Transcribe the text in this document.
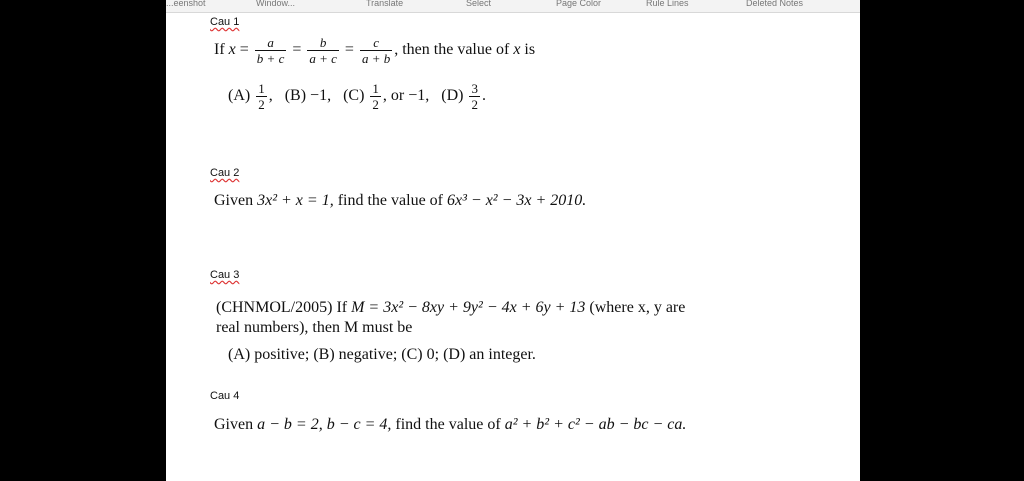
...eenshot	Window...	Translate	Select	Page Color	Rule Lines	Deleted Notes
Cau 1
If $x = \frac{a}{b + c} = \frac{b}{a + c} = \frac{c}{a + b}$ , then the value of x is
$(A) \frac{1}{2}$ ,   (B) −1, $(C) \frac{1}{2}$ , or −1, $(D) \frac{3}{2}$ .
Cau 2
Given 3x² + x = 1, find the value of 6x³ − x² − 3x + 2010.
Cau 3
(CHNMOL/2005) If M = 3x² − 8xy + 9y² − 4x + 6y + 13 (where x, y are
real numbers), then M must be
(A) positive; (B) negative; (C) 0; (D) an integer.
Cau 4
Given a − b = 2, b − c = 4, find the value of a² + b² + c² − ab − bc − ca.
